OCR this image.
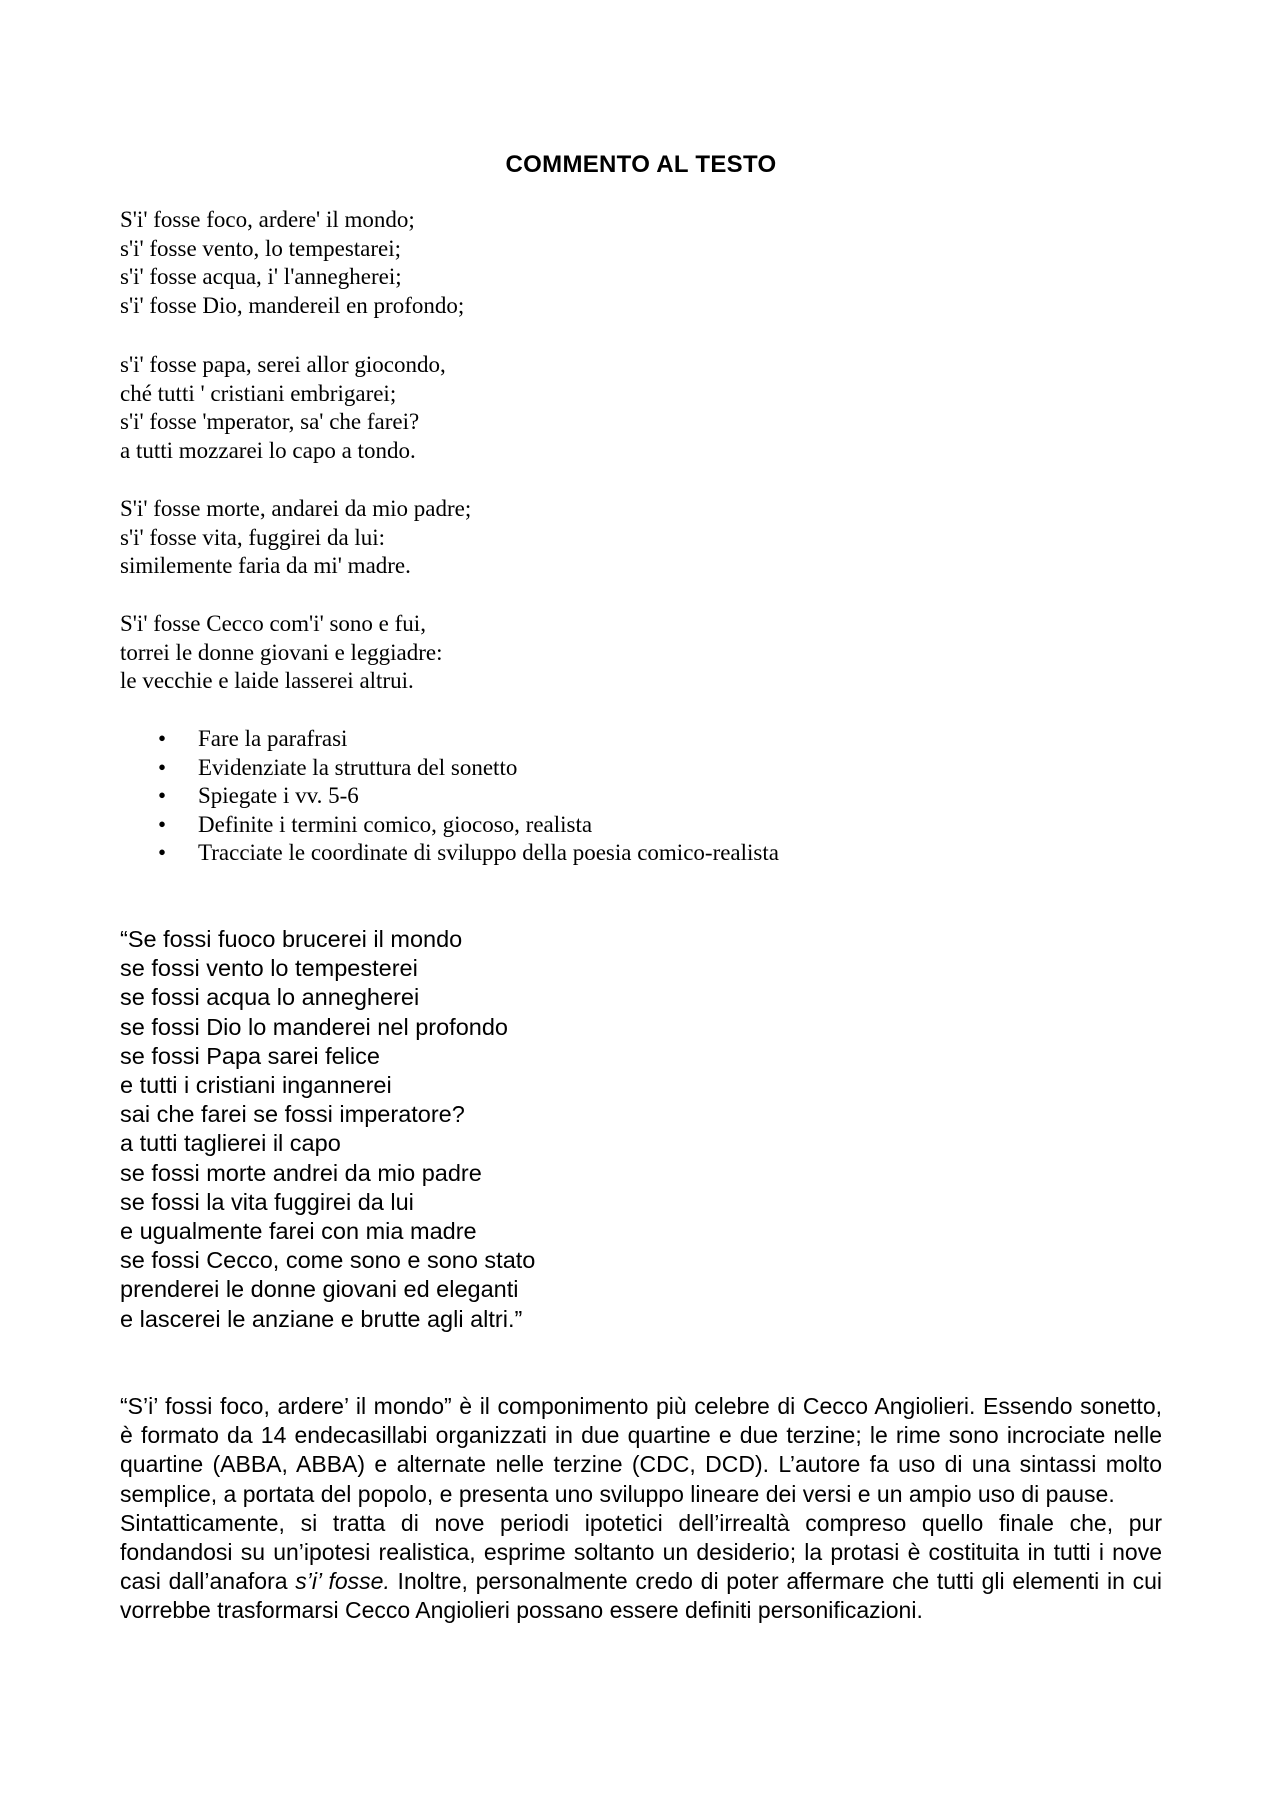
COMMENTO AL TESTO
S'i' fosse foco, ardere' il mondo;
s'i' fosse vento, lo tempestarei;
s'i' fosse acqua, i' l'annegherei;
s'i' fosse Dio, mandereil en profondo;
s'i' fosse papa, serei allor giocondo,
ché tutti ' cristiani embrigarei;
s'i' fosse 'mperator, sa' che farei?
a tutti mozzarei lo capo a tondo.
S'i' fosse morte, andarei da mio padre;
s'i' fosse vita, fuggirei da lui:
similemente faria da mi' madre.
S'i' fosse Cecco com'i' sono e fui,
torrei le donne giovani e leggiadre:
le vecchie e laide lasserei altrui.
• Fare la parafrasi
• Evidenziate la struttura del sonetto
• Spiegate i vv. 5-6
• Definite i termini comico, giocoso, realista
• Tracciate le coordinate di sviluppo della poesia comico-realista
“Se fossi fuoco brucerei il mondo
se fossi vento lo tempesterei
se fossi acqua lo annegherei
se fossi Dio lo manderei nel profondo
se fossi Papa sarei felice
e tutti i cristiani ingannerei
sai che farei se fossi imperatore?
a tutti taglierei il capo
se fossi morte andrei da mio padre
se fossi la vita fuggirei da lui
e ugualmente farei con mia madre
se fossi Cecco, come sono e sono stato
prenderei le donne giovani ed eleganti
e lascerei le anziane e brutte agli altri.”

“S’i’ fossi foco, ardere’ il mondo” è il componimento più celebre di Cecco Angiolieri. Essendo sonetto, è formato da 14 endecasillabi organizzati in due quartine e due terzine; le rime sono incrociate nelle quartine (ABBA, ABBA) e alternate nelle terzine (CDC, DCD). L’autore fa uso di una sintassi molto semplice, a portata del popolo, e presenta uno sviluppo lineare dei versi e un ampio uso di pause.

Sintatticamente, si tratta di nove periodi ipotetici dell’irrealtà compreso quello finale che, pur fondandosi su un’ipotesi realistica, esprime soltanto un desiderio; la protasi è costituita in tutti i nove casi dall’anafora s’i’ fosse. Inoltre, personalmente credo di poter affermare che tutti gli elementi in cui vorrebbe trasformarsi Cecco Angiolieri possano essere definiti personificazioni.
